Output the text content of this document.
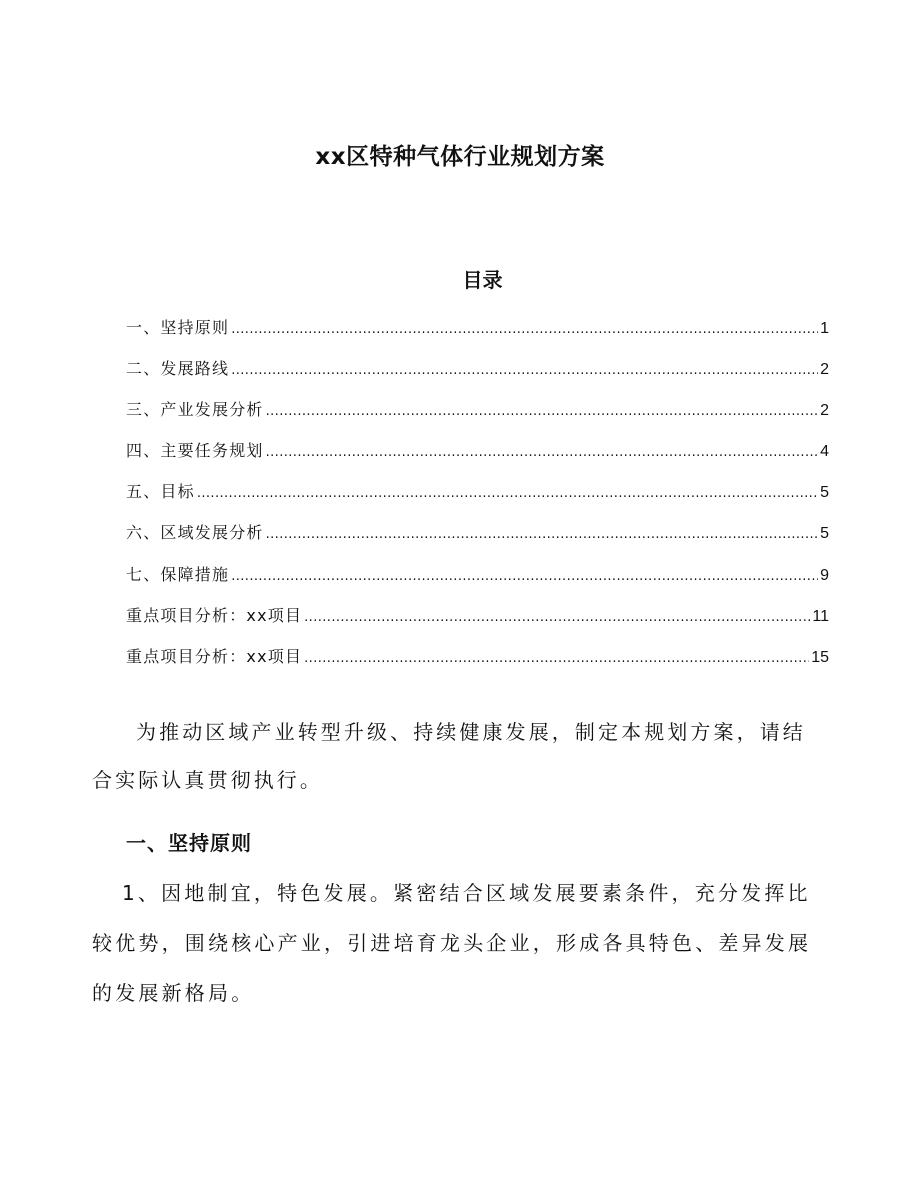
xx区特种气体行业规划方案
目录
一、坚持原则 .....	1
二、发展路线 .....	2
三、产业发展分析 .....	2
四、主要任务规划 .....	4
五、目标 .....	5
六、区域发展分析 .....	5
七、保障措施 .....	9
重点项目分析：xx项目 .....	11
重点项目分析：xx项目 .....	15
为推动区域产业转型升级、持续健康发展，制定本规划方案，请结合实际认真贯彻执行。
一、坚持原则
1、因地制宜，特色发展。紧密结合区域发展要素条件，充分发挥比较优势，围绕核心产业，引进培育龙头企业，形成各具特色、差异发展的发展新格局。
